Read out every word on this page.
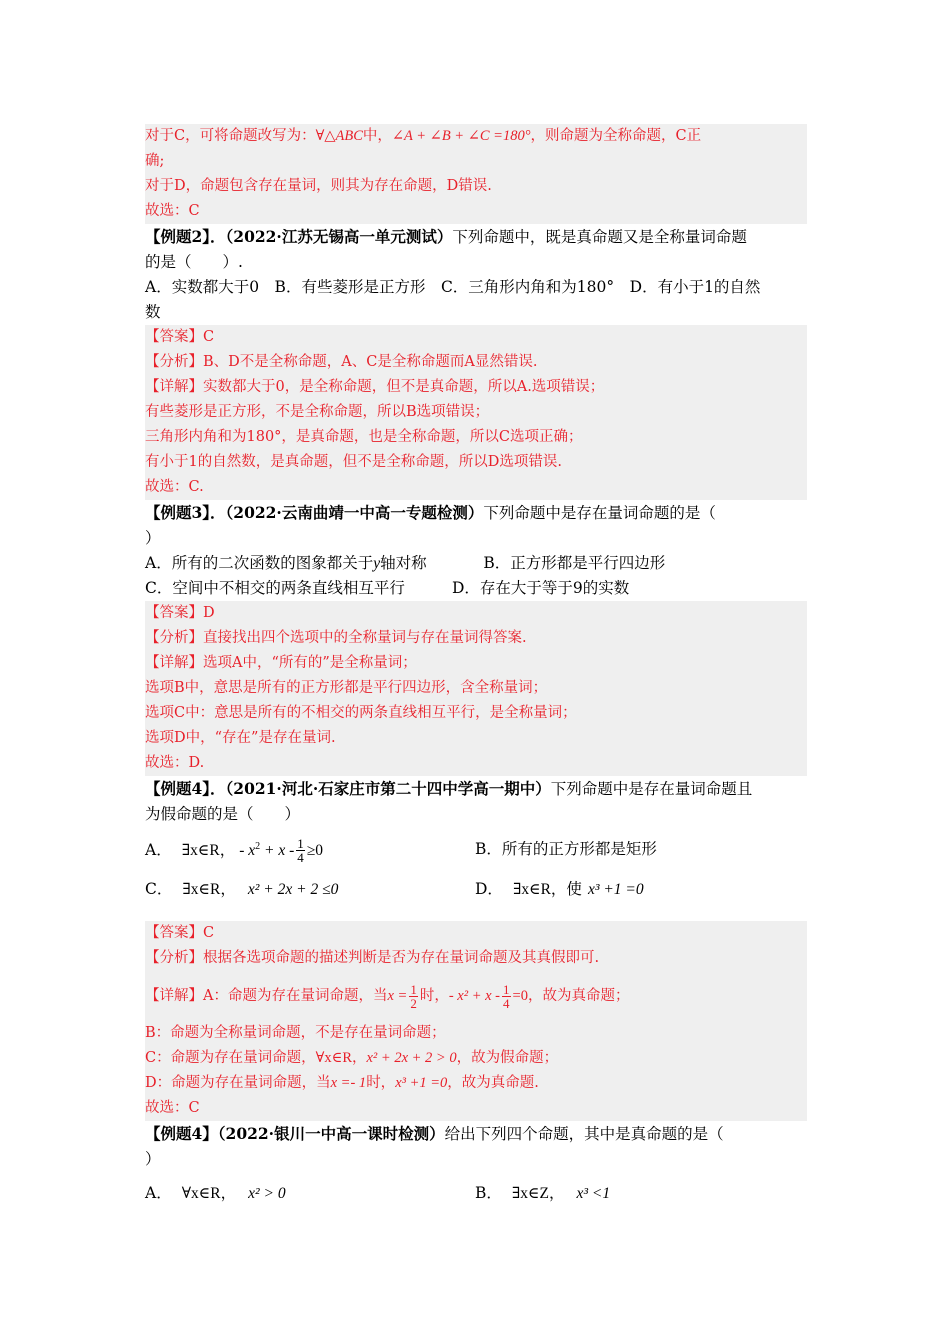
对于C，可将命题改写为：∀△ABC中，∠A + ∠B + ∠C =180°，则命题为全称命题，C正
确;
对于D，命题包含存在量词，则其为存在命题，D错误.
故选：C
【例题2】．（2022·江苏无锡高一单元测试）下列命题中，既是真命题又是全称量词命题
的是（　　）.
A．实数都大于0　B．有些菱形是正方形　C．三角形内角和为180°　D．有小于1的自然
数
【答案】C
【分析】B、D不是全称命题，A、C是全称命题而A显然错误.
【详解】实数都大于0，是全称命题，但不是真命题，所以A.选项错误；
有些菱形是正方形，不是全称命题，所以B选项错误；
三角形内角和为180°，是真命题，也是全称命题，所以C选项正确；
有小于1的自然数，是真命题，但不是全称命题，所以D选项错误.
故选：C.
【例题3】．（2022·云南曲靖一中高一专题检测）下列命题中是存在量词命题的是（
）
A．所有的二次函数的图象都关于y轴对称	B．正方形都是平行四边形
C．空间中不相交的两条直线相互平行	D．存在大于等于9的实数
【答案】D
【分析】直接找出四个选项中的全称量词与存在量词得答案.
【详解】选项A中，“所有的”是全称量词；
选项B中，意思是所有的正方形都是平行四边形，含全称量词；
选项C中：意思是所有的不相交的两条直线相互平行，是全称量词；
选项D中，“存在”是存在量词.
故选：D.
【例题4】．（2021·河北·石家庄市第二十四中学高一期中）下列命题中是存在量词命题且
为假命题的是（　　）
A． ∃x∈R， - $x^2 + x - \frac{1}{4} \ge 0$	B．所有的正方形都是矩形
C． ∃x∈R， x² + 2x + 2 ≤0	D． ∃x∈R，使 x³ +1 =0
【答案】C
【分析】根据各选项命题的描述判断是否为存在量词命题及其真假即可.
【详解】A：命题为存在量词命题，当$x = \frac{1}{2}$ 时，- $x^2 + x - \frac{1}{4} =0$，故为真命题；
B：命题为全称量词命题，不是存在量词命题；
C：命题为存在量词命题，∀x∈R，x² + 2x + 2 > 0，故为假命题；
D：命题为存在量词命题，当x =- 1时，x³ +1 =0，故为真命题.
故选：C
【例题4】（2022·银川一中高一课时检测）给出下列四个命题，其中是真命题的是（
）
A． ∀x∈R， x² > 0	B． ∃x∈Z， x³ <1
